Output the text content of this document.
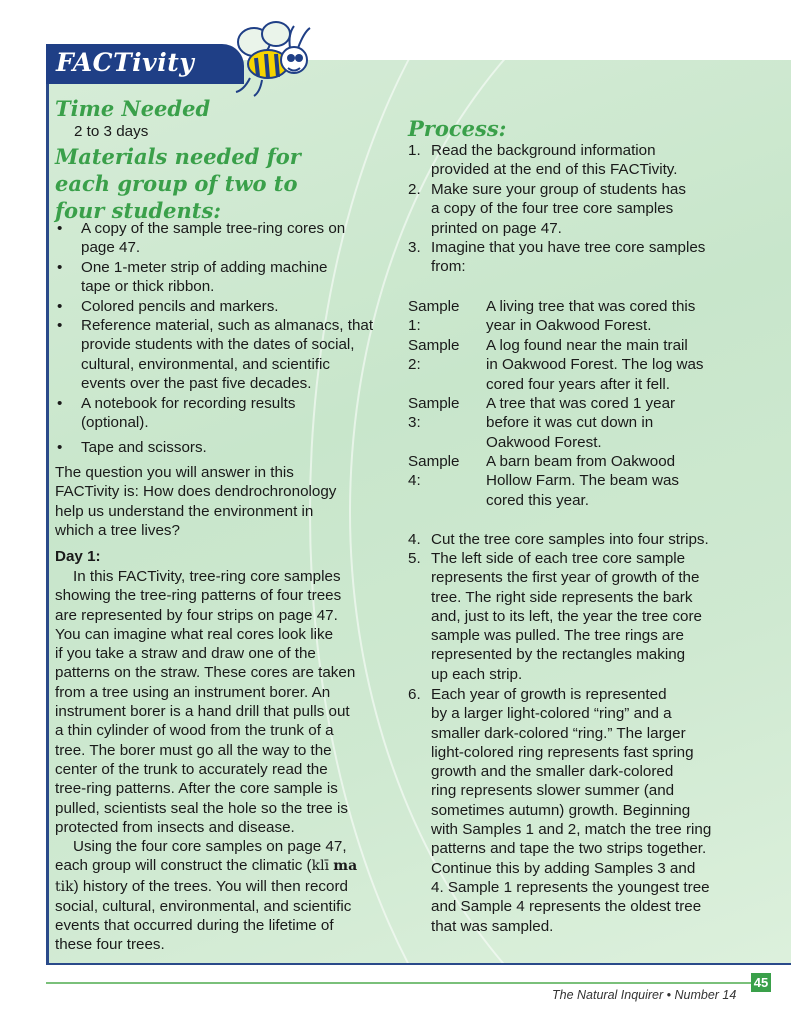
FACTivity
Time Needed
2 to 3 days
Materials needed for
each group of two to
four students:
• A copy of the sample tree-ring cores on
page 47.
• One 1-meter strip of adding machine
tape or thick ribbon.
• Colored pencils and markers.
• Reference material, such as almanacs, that
provide students with the dates of social,
cultural, environmental, and scientific
events over the past five decades.
• A notebook for recording results
(optional).
• Tape and scissors.
The question you will answer in this
FACTivity is: How does dendrochronology
help us understand the environment in
which a tree lives?
Day 1:
In this FACTivity, tree-ring core samples
showing the tree-ring patterns of four trees
are represented by four strips on page 47.
You can imagine what real cores look like
if you take a straw and draw one of the
patterns on the straw. These cores are taken
from a tree using an instrument borer. An
instrument borer is a hand drill that pulls out
a thin cylinder of wood from the trunk of a
tree. The borer must go all the way to the
center of the trunk to accurately read the
tree-ring patterns. After the core sample is
pulled, scientists seal the hole so the tree is
protected from insects and disease.
Using the four core samples on page 47,
each group will construct the climatic (klī ma
tik) history of the trees. You will then record
social, cultural, environmental, and scientific
events that occurred during the lifetime of
these four trees.
Process:
1. Read the background information
provided at the end of this FACTivity.
2. Make sure your group of students has
a copy of the four tree core samples
printed on page 47.
3. Imagine that you have tree core samples
from:
Sample 1:
A living tree that was cored this
year in Oakwood Forest.
Sample 2:
A log found near the main trail
in Oakwood Forest. The log was
cored four years after it fell.
Sample 3:
A tree that was cored 1 year
before it was cut down in
Oakwood Forest.
Sample 4:
A barn beam from Oakwood
Hollow Farm. The beam was
cored this year.
4. Cut the tree core samples into four strips.
5. The left side of each tree core sample
represents the first year of growth of the
tree. The right side represents the bark
and, just to its left, the year the tree core
sample was pulled. The tree rings are
represented by the rectangles making
up each strip.
6. Each year of growth is represented
by a larger light-colored “ring” and a
smaller dark-colored “ring.” The larger
light-colored ring represents fast spring
growth and the smaller dark-colored
ring represents slower summer (and
sometimes autumn) growth. Beginning
with Samples 1 and 2, match the tree ring
patterns and tape the two strips together.
Continue this by adding Samples 3 and
4. Sample 1 represents the youngest tree
and Sample 4 represents the oldest tree
that was sampled.
45
The Natural Inquirer • Number 14
